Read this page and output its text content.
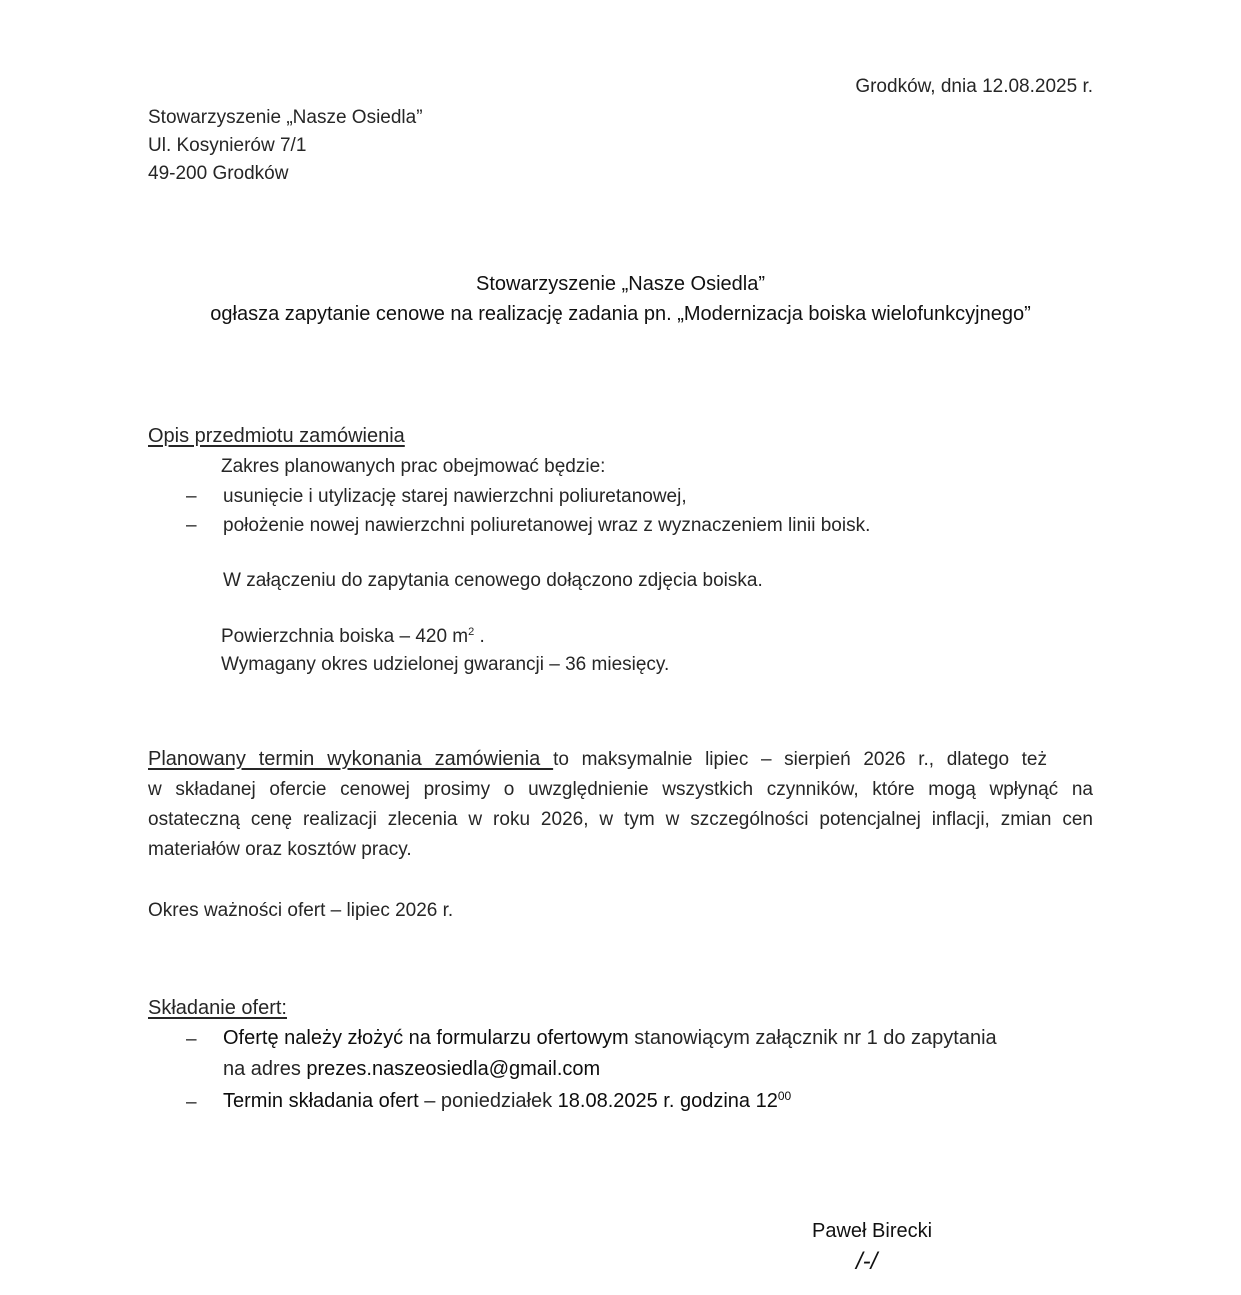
Grodków, dnia 12.08.2025 r.
Stowarzyszenie „Nasze Osiedla”
Ul. Kosynierów 7/1
49-200 Grodków
Stowarzyszenie „Nasze Osiedla”
ogłasza zapytanie cenowe na realizację zadania pn. „Modernizacja boiska wielofunkcyjnego”
Opis przedmiotu zamówienia
Zakres planowanych prac obejmować będzie:
– usunięcie i utylizację starej nawierzchni poliuretanowej,
– położenie nowej nawierzchni poliuretanowej wraz z wyznaczeniem linii boisk.
W załączeniu do zapytania cenowego dołączono zdjęcia boiska.
Powierzchnia boiska – 420 $m^2$ .
Wymagany okres udzielonej gwarancji – 36 miesięcy.
Planowany termin wykonania zamówienia to maksymalnie lipiec – sierpień 2026 r., dlatego też
w składanej ofercie cenowej prosimy o uwzględnienie wszystkich czynników, które mogą wpłynąć na
ostateczną cenę realizacji zlecenia w roku 2026, w tym w szczególności potencjalnej inflacji, zmian cen
materiałów oraz kosztów pracy.
Okres ważności ofert – lipiec 2026 r.
Składanie ofert:
– Ofertę należy złożyć na formularzu ofertowym stanowiącym załącznik nr 1 do zapytania
na adres prezes.naszeosiedla@gmail.com
– Termin składania ofert – poniedziałek 18.08.2025 r. godzina $12^{00}$
Paweł Birecki
/-/
